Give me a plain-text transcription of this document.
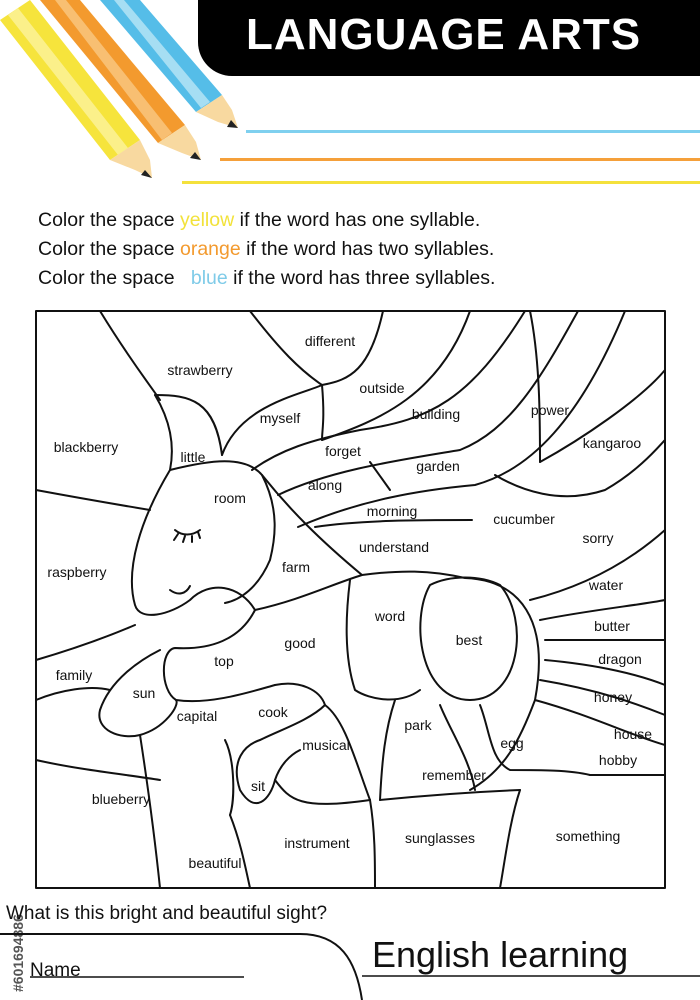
LANGUAGE ARTS
Color the space yellow if the word has one syllable.
Color the space orange if the word has two syllables.
Color the space   blue if the word has three syllables.
different
strawberry
outside
myself	building	power
kangaroo
blackberry
little	forget
garden
along
room
morning	cucumber
understand
sorry
raspberry	farm
water
word
best
butter
good
dragon
top
family
sun	honey
cook
capital
park
house
egg
musical
hobby
remember
sit
blueberry
instrument	sunglasses	something
beautiful
#601694886
What is this bright and beautiful sight?
Name	English learning
